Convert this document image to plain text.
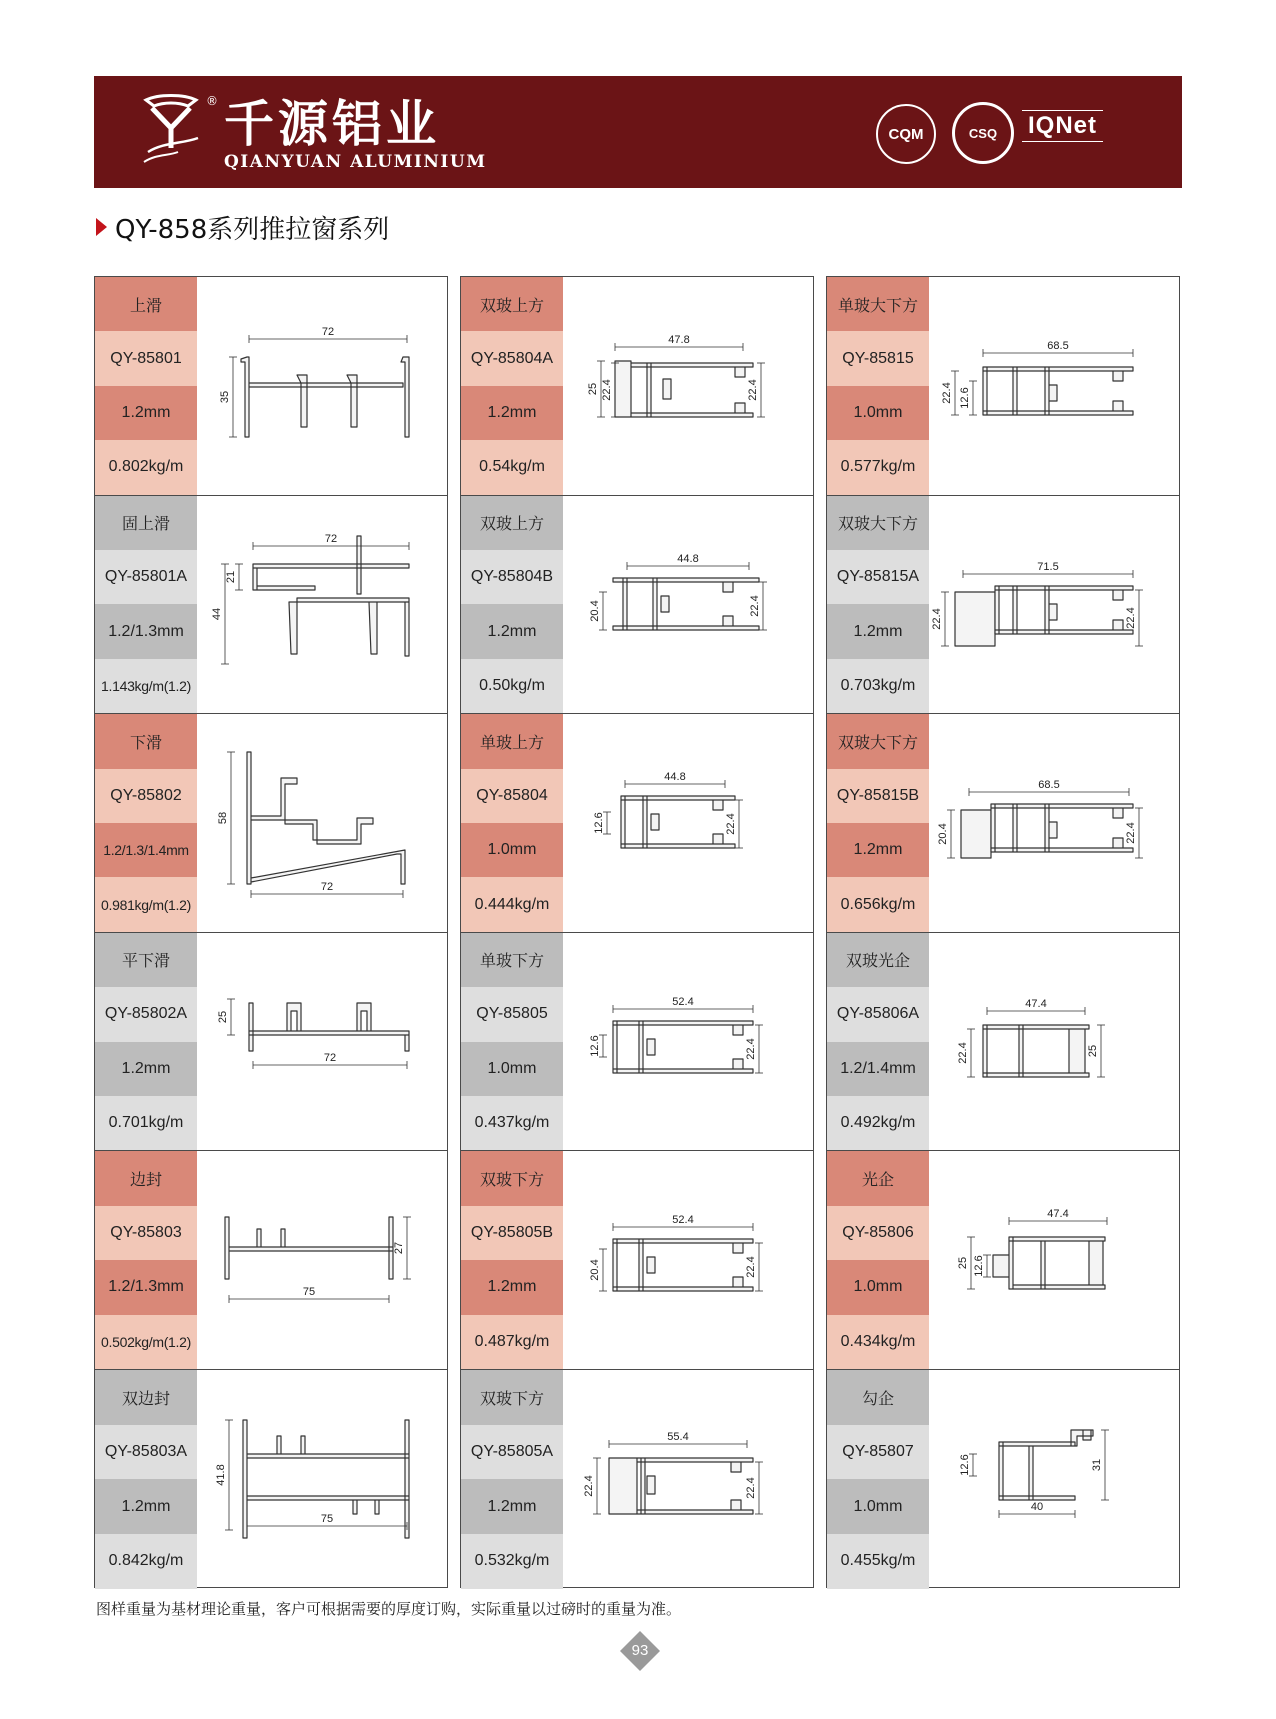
® 千源铝业
QIANYUAN ALUMINIUM
CQM	CSQ	IQNet
QY-858系列推拉窗系列
上滑
QY-85801
1.2mm
0.802kg/m
72
35
固上滑
QY-85801A
1.2/1.3mm
1.143kg/m(1.2)
72
21
44
下滑
QY-85802
1.2/1.3/1.4mm
0.981kg/m(1.2)
58
72
平下滑
QY-85802A
1.2mm
0.701kg/m
25
72
边封
QY-85803
1.2/1.3mm
0.502kg/m(1.2)
27
75
双边封
QY-85803A
1.2mm
0.842kg/m
41.8
75
双玻上方
QY-85804A
1.2mm
0.54kg/m
47.8
25 22.4	22.4
双玻上方
QY-85804B
1.2mm
0.50kg/m
44.8
20.4	22.4
单玻上方
QY-85804
1.0mm
0.444kg/m
44.8
12.6	22.4
单玻下方
QY-85805
1.0mm
0.437kg/m
52.4
12.6	22.4
双玻下方
QY-85805B
1.2mm
0.487kg/m
52.4
20.4	22.4
双玻下方
QY-85805A
1.2mm
0.532kg/m
55.4
22.4	22.4
单玻大下方
QY-85815
1.0mm
0.577kg/m
68.5
22.4 12.6
双玻大下方
QY-85815A
1.2mm
0.703kg/m
71.5
22.4	22.4
双玻大下方
QY-85815B
1.2mm
0.656kg/m
68.5
20.4	22.4
双玻光企
QY-85806A
1.2/1.4mm
0.492kg/m
47.4
22.4	25
光企
QY-85806
1.0mm
0.434kg/m
47.4
25 12.6
勾企
QY-85807
1.0mm
0.455kg/m
12.6	31
40
图样重量为基材理论重量，客户可根据需要的厚度订购，实际重量以过磅时的重量为准。
93
